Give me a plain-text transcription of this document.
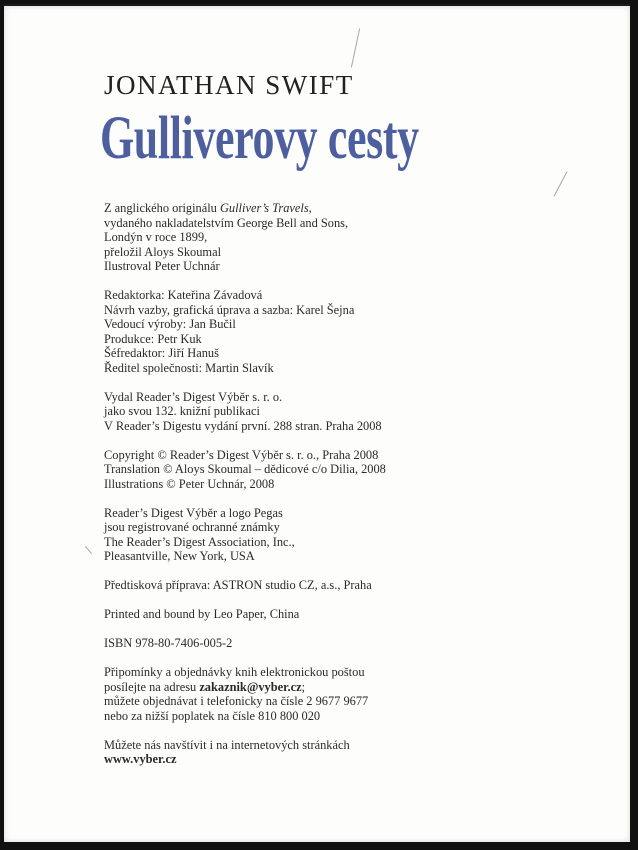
JONATHAN SWIFT
Gulliverovy cesty
Z anglického originálu Gulliver’s Travels,
vydaného nakladatelstvím George Bell and Sons,
Londýn v roce 1899,
přeložil Aloys Skoumal
Ilustroval Peter Uchnár
Redaktorka: Kateřina Závadová
Návrh vazby, grafická úprava a sazba: Karel Šejna
Vedoucí výroby: Jan Bučil
Produkce: Petr Kuk
Šéfredaktor: Jiří Hanuš
Ředitel společnosti: Martin Slavík
Vydal Reader’s Digest Výběr s. r. o.
jako svou 132. knižní publikaci
V Reader’s Digestu vydání první. 288 stran. Praha 2008
Copyright © Reader’s Digest Výběr s. r. o., Praha 2008
Translation © Aloys Skoumal – dědicové c/o Dilia, 2008
Illustrations © Peter Uchnár, 2008
Reader’s Digest Výběr a logo Pegas
jsou registrované ochranné známky
The Reader’s Digest Association, Inc.,
Pleasantville, New York, USA
Předtisková příprava: ASTRON studio CZ, a.s., Praha
Printed and bound by Leo Paper, China
ISBN 978-80-7406-005-2
Připomínky a objednávky knih elektronickou poštou
posílejte na adresu zakaznik@vyber.cz;
můžete objednávat i telefonicky na čísle 2 9677 9677
nebo za nižší poplatek na čísle 810 800 020
Můžete nás navštívit i na internetových stránkách
www.vyber.cz
